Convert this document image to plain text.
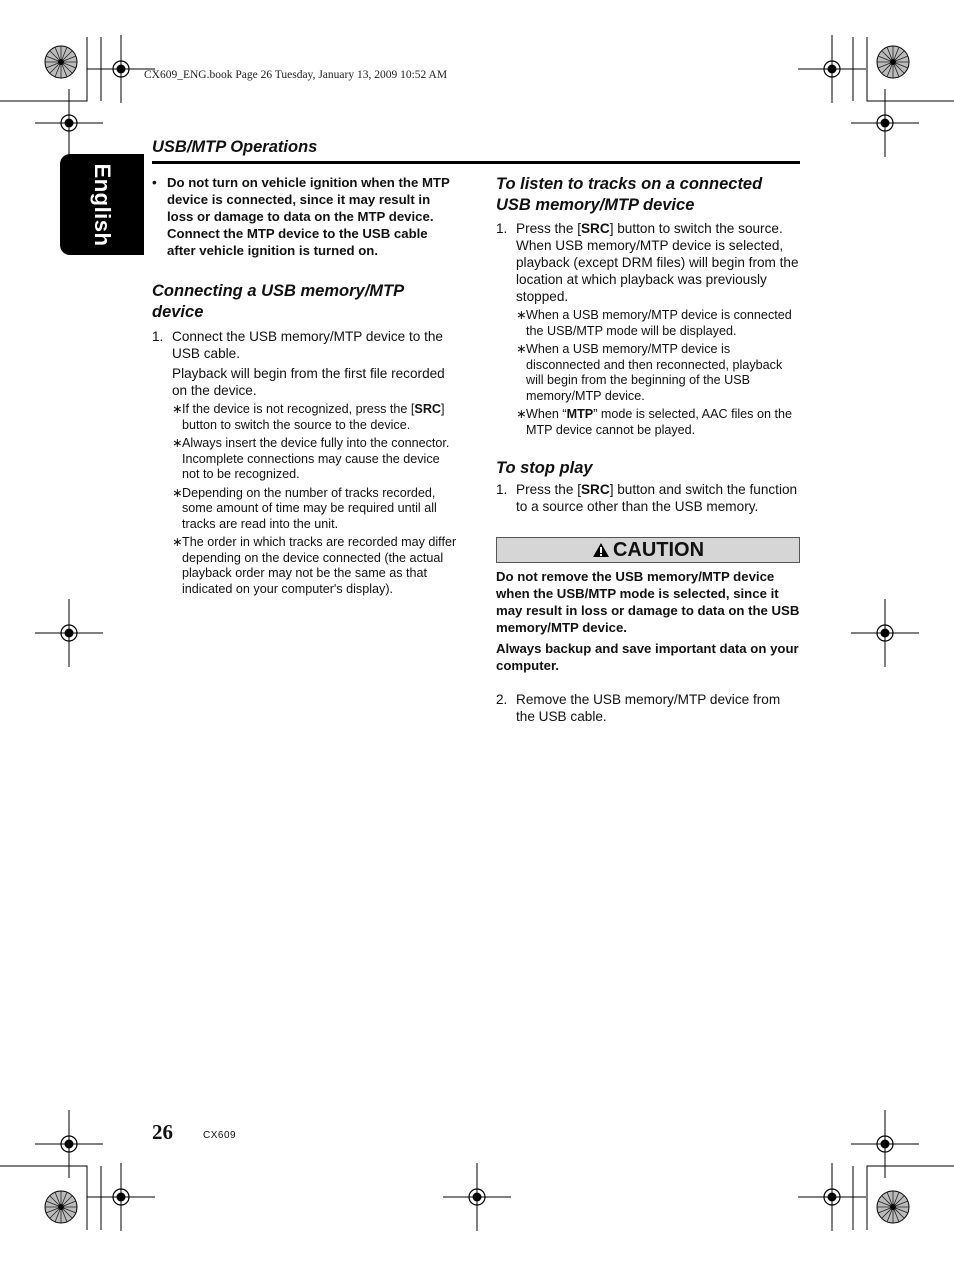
CX609_ENG.book Page 26 Tuesday, January 13, 2009 10:52 AM
English
USB/MTP Operations
• Do not turn on vehicle ignition when the MTP device is connected, since it may result in loss or damage to data on the MTP device. Connect the MTP device to the USB cable after vehicle ignition is turned on.
Connecting a USB memory/MTP device
1. Connect the USB memory/MTP device to the USB cable.
Playback will begin from the first file recorded on the device.
∗ If the device is not recognized, press the [SRC] button to switch the source to the device.
∗ Always insert the device fully into the connector. Incomplete connections may cause the device not to be recognized.
∗ Depending on the number of tracks recorded, some amount of time may be required until all tracks are read into the unit.
∗ The order in which tracks are recorded may differ depending on the device connected (the actual playback order may not be the same as that indicated on your computer's display).
To listen to tracks on a connected USB memory/MTP device
1. Press the [SRC] button to switch the source. When USB memory/MTP device is selected, playback (except DRM files) will begin from the location at which playback was previously stopped.
∗ When a USB memory/MTP device is connected the USB/MTP mode will be displayed.
∗ When a USB memory/MTP device is disconnected and then reconnected, playback will begin from the beginning of the USB memory/MTP device.
∗ When “MTP” mode is selected, AAC files on the MTP device cannot be played.
To stop play
1. Press the [SRC] button and switch the function to a source other than the USB memory.
CAUTION
Do not remove the USB memory/MTP device when the USB/MTP mode is selected, since it may result in loss or damage to data on the USB memory/MTP device.
Always backup and save important data on your computer.
2. Remove the USB memory/MTP device from the USB cable.
26	CX609
